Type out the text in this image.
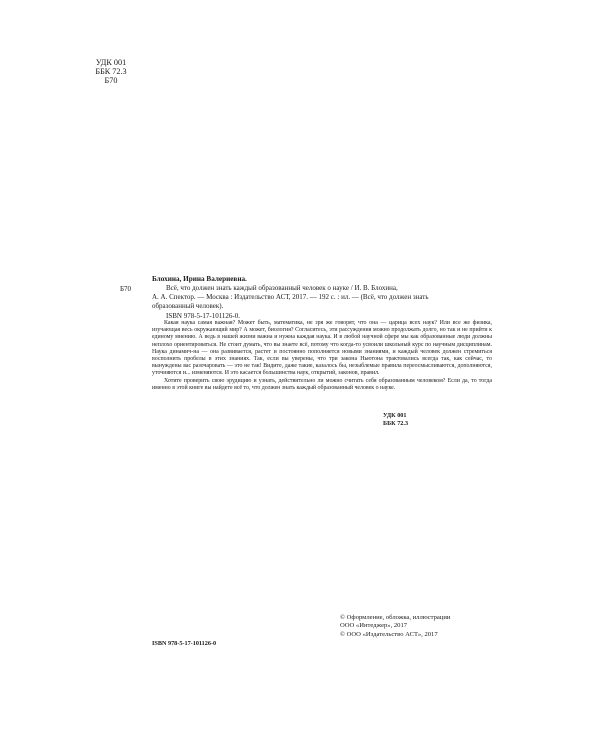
УДК 001
ББК 72.3
Б70
Б70
Блохина, Ирина Валериевна.
Всё, что должен знать каждый образованный человек о науке / И. В. Блохина,
А. А. Спектор. — Москва : Издательство АСТ, 2017. — 192 с. : ил. — (Всё, что должен знать
образованный человек).
ISBN 978-5-17-101126-0.

Какая наука самая важная? Может быть, математика, не зря же говорят, что она — царица всех наук? Или все же физика, изучающая весь окружающий мир? А может, биология? Согласитесь, эти рассуждения можно продолжать долго, но так и не прийти к единому мнению. А ведь в нашей жизни важна и нужна каждая наука. И в любой научной сфере мы как образованные люди должны неплохо ориентироваться. Не стоит думать, что вы знаете всё, потому что когда-то усвоили школьный курс по научным дисциплинам. Наука динамич-на — она развивается, растет и постоянно пополняется новыми знаниями, и каждый человек должен стремиться восполнить пробелы в этих знаниях. Так, если вы уверены, что три закона Ньютона трактовались всегда так, как сейчас, то вынуждены вас разочаровать — это не так! Видите, даже такие, казалось бы, незыблемые правила переосмысливаются, дополняются, уточняются и... изменяются. И это касается большинства наук, открытий, законов, правил.

Хотите проверить свою эрудицию и узнать, действительно ли можно считать себя образованным человеком? Если да, то тогда именно в этой книге вы найдете всё то, что должен знать каждый образованный человек о науке.

УДК 001
ББК 72.3
ISBN 978-5-17-101126-0
© Оформление, обложка, иллюстрации
ООО «Интеджер», 2017
© ООО «Издательство АСТ», 2017
